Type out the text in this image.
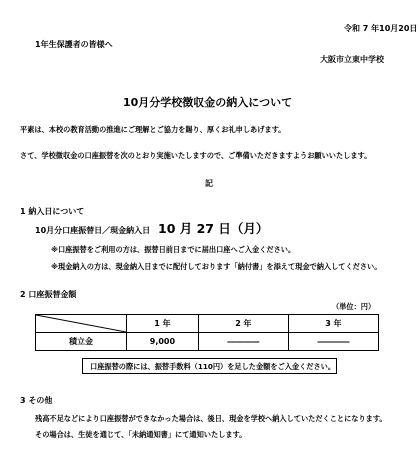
令和 7 年10月20日
1年生保護者の皆様へ
大阪市立東中学校
10月分学校徴収金の納入について
平素は、本校の教育活動の推進にご理解とご協力を賜り、厚くお礼申しあげます。
さて、学校徴収金の口座振替を次のとおり実施いたしますので、ご準備いただきますようお願いいたします。
記
1 納入日について
10月分口座振替日／現金納入日 10 月 27 日（月）
※口座振替をご利用の方は、振替日前日までに届出口座へご入金ください。
※現金納入の方は、現金納入日までに配付しております「納付書」を添えて現金で納入してください。
2 口座振替金額
（単位：円）
	1 年	2 年	3 年
積立金	9,000	――――	――――
口座振替の際には、振替手数料（110円）を足した金額をご入金ください。
3 その他
残高不足などにより口座振替ができなかった場合は、後日、現金を学校へ納入していただくことになります。
その場合は、生徒を通じて、「未納通知書」にて通知いたします。
